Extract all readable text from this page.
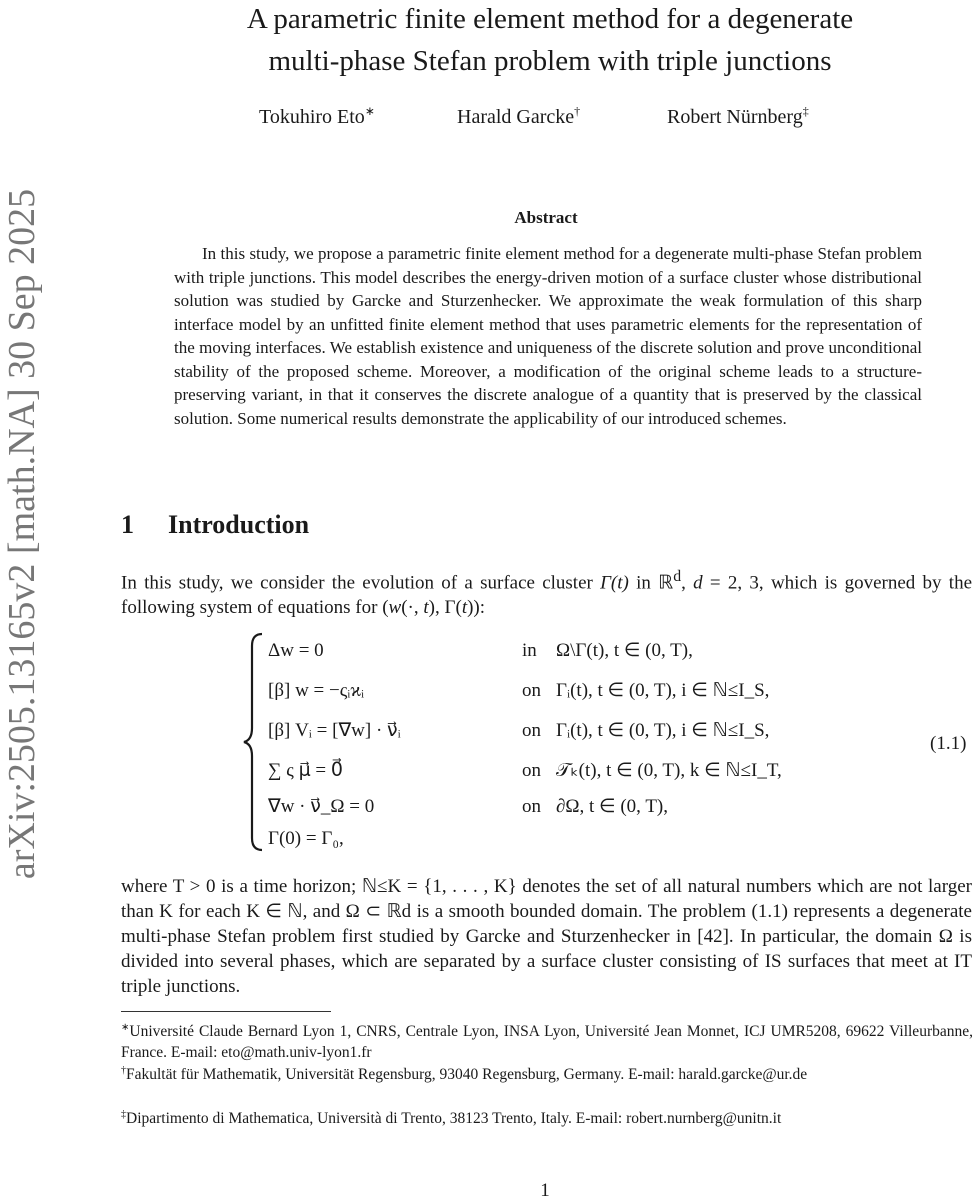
arXiv:2505.13165v2 [math.NA] 30 Sep 2025
A parametric finite element method for a degenerate
multi-phase Stefan problem with triple junctions
Tokuhiro Eto∗	Harald Garcke†	Robert Nürnberg‡
Abstract
In this study, we propose a parametric finite element method for a degenerate multi-phase Stefan problem with triple junctions. This model describes the energy-driven motion of a surface cluster whose distributional solution was studied by Garcke and Sturzenhecker. We approximate the weak formulation of this sharp interface model by an unfitted finite element method that uses parametric elements for the representation of the moving interfaces. We establish existence and uniqueness of the discrete solution and prove unconditional stability of the proposed scheme. Moreover, a modification of the original scheme leads to a structure-preserving variant, in that it conserves the discrete analogue of a quantity that is preserved by the classical solution. Some numerical results demonstrate the applicability of our introduced schemes.
1 Introduction
In this study, we consider the evolution of a surface cluster Γ(t) in ℝ$^d$, d = 2, 3, which is governed by the following system of equations for (w(·, t), Γ(t)):
Δw = 0	in Ω\Γ(t), t ∈ (0, T),
[β] w = −ςᵢϰᵢ	on Γᵢ(t), t ∈ (0, T), i ∈ ℕ≤I_S,
[β] Vᵢ = [∇w] · ν⃗ᵢ	on Γᵢ(t), t ∈ (0, T), i ∈ ℕ≤I_S,
∑ ς μ⃗ = 0⃗	on 𝒯ₖ(t), t ∈ (0, T), k ∈ ℕ≤I_T,
∇w · ν⃗_Ω = 0	on ∂Ω, t ∈ (0, T),
Γ(0) = Γ₀,
(1.1)
where T > 0 is a time horizon; ℕ≤K = {1, . . . , K} denotes the set of all natural numbers which are not larger than K for each K ∈ ℕ, and Ω ⊂ ℝd is a smooth bounded domain. The problem (1.1) represents a degenerate multi-phase Stefan problem first studied by Garcke and Sturzenhecker in [42]. In particular, the domain Ω is divided into several phases, which are separated by a surface cluster consisting of IS surfaces that meet at IT triple junctions.
∗Université Claude Bernard Lyon 1, CNRS, Centrale Lyon, INSA Lyon, Université Jean Monnet, ICJ UMR5208, 69622 Villeurbanne, France. E-mail: eto@math.univ-lyon1.fr
†Fakultät für Mathematik, Universität Regensburg, 93040 Regensburg, Germany. E-mail: harald.garcke@ur.de
‡Dipartimento di Mathematica, Università di Trento, 38123 Trento, Italy. E-mail: robert.nurnberg@unitn.it
1
